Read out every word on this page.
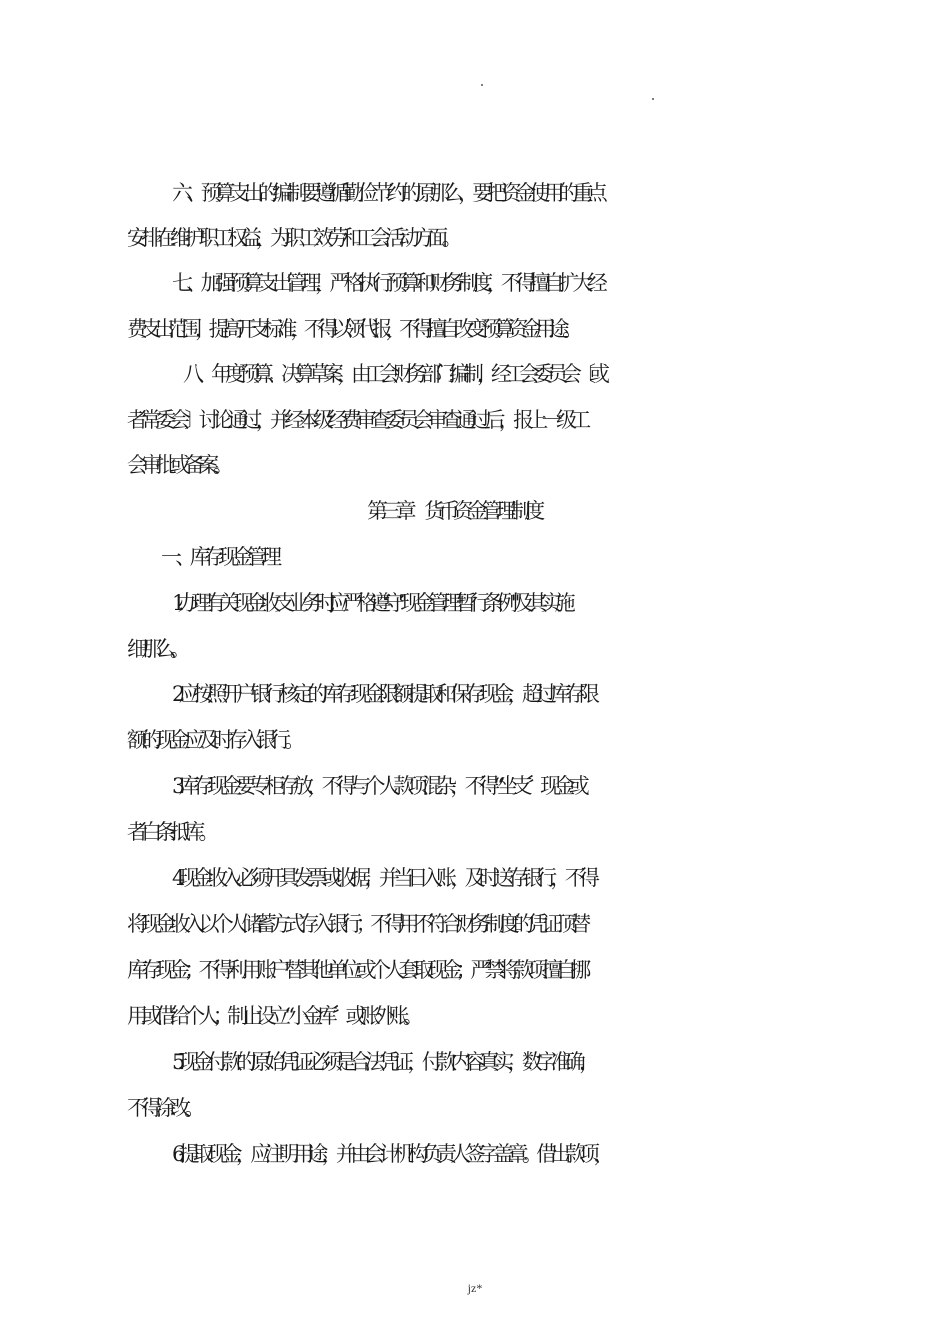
六、预算支出的编制要遵循勤俭节约的原那么，要把资金使用的重点
安排在维护职工权益，为职工效劳和工会活动方面。
七、加强预算支出管理，严格执行预算和财务制度，不得擅自扩大经
费支出范围，提高开支标准，不得以领代报，不得擅自改变预算资金用途。
八、年度预算、决算草案，由工会财务部门编制，经工会委员会〔或
者常委会〕讨论通过，并经本级经费审查委员会审查通过后，报上一级工
会审批或备案。
第三章　货币资金管理制度
一、库存现金管理
1.办理有关现金收支业务时,应严格遵守"现金管理暂行条例"及其实施
细那么。
2.应按照开户银行核定的库存现金限额提取和保存现金，超过库存限
额的现金应及时存入银行。
3.库存现金要专柜存放，不得与个人款项混杂，不得“坐支〞现金或
者白条抵库。
4.现金收入必须开具发票或收据，并当日入账，及时送存银行，不得
将现金收入以个人储蓄方式存入银行；不得用不符合财务制度的凭证顶替
库存现金；不得利用账户替其他单位或个人套取现金；严禁将款项擅自挪
用或借给个人；制止设立“小金库〞或账外账。
5.现金付款的原始凭证必须是合法凭证，付款内容真实，数字准确，
不得涂改。
6.提取现金，应注明用途，并由会计机构负责人签字盖章。借出款项，
jz*
